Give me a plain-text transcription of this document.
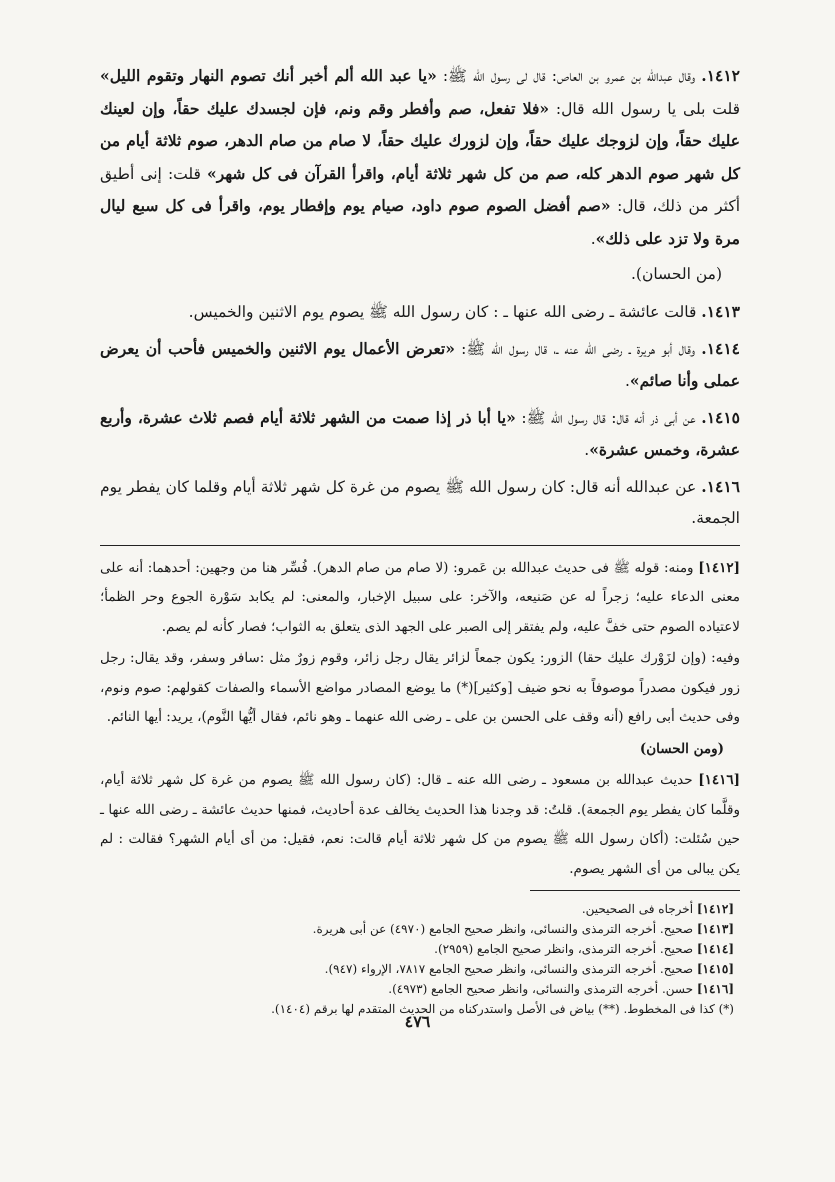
١٤١٢. وقال عبدالله بن عمرو بن العاص: قال لى رسول الله ﷺ: «يا عبد الله ألم أخبر أنك تصوم النهار وتقوم الليل» قلت بلى يا رسول الله قال: «فلا تفعل، صم وأفطر وقم ونم، فإن لجسدك عليك حقاً، وإن لعينك عليك حقاً، وإن لزوجك عليك حقاً، وإن لزورك عليك حقاً، لا صام من صام الدهر، صوم ثلاثة أيام من كل شهر صوم الدهر كله، صم من كل شهر ثلاثة أيام، واقرأ القرآن فى كل شهر» قلت: إنى أطيق أكثر من ذلك، قال: «صم أفضل الصوم صوم داود، صيام يوم وإفطار يوم، واقرأ فى كل سبع ليال مرة ولا تزد على ذلك».

(من الحسان).

١٤١٣. قالت عائشة ـ رضى الله عنها ـ : كان رسول الله ﷺ يصوم يوم الاثنين والخميس.

١٤١٤. وقال أبو هريرة ـ رضى الله عنه ـ، قال رسول الله ﷺ: «تعرض الأعمال يوم الاثنين والخميس فأحب أن يعرض عملى وأنا صائم».

١٤١٥. عن أبى ذر أنه قال: قال رسول الله ﷺ: «يا أبا ذر إذا صمت من الشهر ثلاثة أيام فصم ثلاث عشرة، وأربع عشرة، وخمس عشرة».

١٤١٦. عن عبدالله أنه قال: كان رسول الله ﷺ يصوم من غرة كل شهر ثلاثة أيام وقلما كان يفطر يوم الجمعة.

[١٤١٢] ومنه: قوله ﷺ فى حديث عبدالله بن عَمرو: (لا صام من صام الدهر). فُسِّر هنا من وجهين: أحدهما: أنه على معنى الدعاء عليه؛ زجراً له عن صَنيعه، والآخر: على سبيل الإخبار، والمعنى: لم يكابد سَوْرة الجوع وحر الظمأ؛ لاعتياده الصوم حتى خفَّ عليه، ولم يفتقر إلى الصبر على الجهد الذى يتعلق به الثواب؛ فصار كأنه لم يصم.

وفيه: (وإن لزَوْرك عليك حقا) الزور: يكون جمعاً لزائر يقال رجل زائر، وقوم زورٌ مثل :سافر وسفر، وقد يقال: رجل زور فيكون مصدراً موصوفاً به نحو ضيف [وكثير](*) ما يوضع المصادر مواضع الأسماء والصفات كقولهم: صوم ونوم، وفى حديث أبى رافع (أنه وقف على الحسن بن على ـ رضى الله عنهما ـ وهو نائم، فقال أيُّها النَّوم)، يريد: أيها النائم.

(ومن الحسان)

[١٤١٦] حديث عبدالله بن مسعود ـ رضى الله عنه ـ قال: (كان رسول الله ﷺ يصوم من غرة كل شهر ثلاثة أيام، وقلَّما كان يفطر يوم الجمعة). قلتُ: قد وجدنا هذا الحديث يخالف عدة أحاديث، فمنها حديث عائشة ـ رضى الله عنها ـ حين سُئلت: (أكان رسول الله ﷺ يصوم من كل شهر ثلاثة أيام قالت: نعم، فقيل: من أى أيام الشهر؟ فقالت : لم يكن يبالى من أى الشهر يصوم.

[١٤١٢] أخرجاه فى الصحيحين.

[١٤١٣] صحيح. أخرجه الترمذى والنسائى، وانظر صحيح الجامع (٤٩٧٠) عن أبى هريرة.

[١٤١٤] صحيح. أخرجه الترمذى، وانظر صحيح الجامع (٢٩٥٩).

[١٤١٥] صحيح. أخرجه الترمذى والنسائى، وانظر صحيح الجامع ٧٨١٧، الإرواء (٩٤٧).

[١٤١٦] حسن. أخرجه الترمذى والنسائى، وانظر صحيح الجامع (٤٩٧٣).

(*) كذا فى المخطوط. (**) بياض فى الأصل واستدركناه من الحديث المتقدم لها برقم (١٤٠٤).

٤٧٦
